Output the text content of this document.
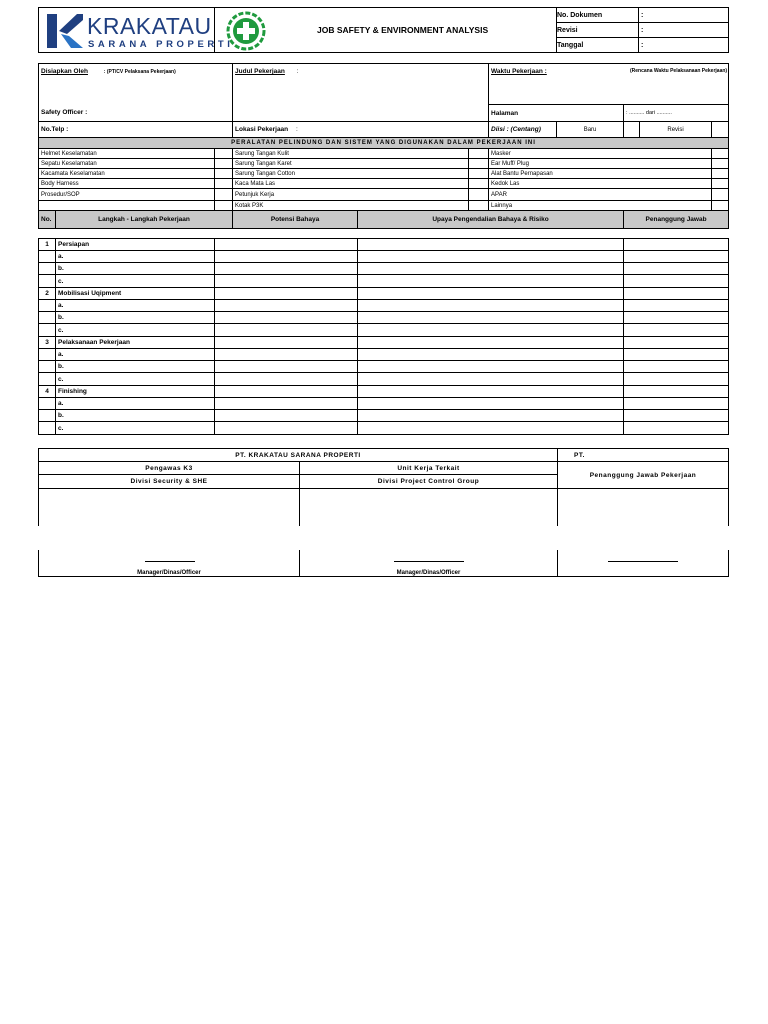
KRAKATAU
SARANA PROPERTI	JOB SAFETY & ENVIRONMENT ANALYSIS	No. Dokumen	:
		Revisi	:
		Tanggal	:
Disiapkan Oleh : (PT/CV Pelaksana Pekerjaan)			Judul Pekerjaan :			Waktu Pekerjaan : (Rencana Waktu Pelaksanaan Pekerjaan)				

Safety Officer :						Halaman		: .......... dari ..........		
No.Telp :			Lokasi Pekerjaan :			Diisi : (Centang)	Baru		Revisi	
PERALATAN PELINDUNG DAN SISTEM YANG DIGUNAKAN DALAM PEKERJAAN INI										
Helmet Keselamatan			Sarung Tangan Kulit			Masker				
Sepatu Keselamatan			Sarung Tangan Karet			Ear Muff/ Plug				
Kacamata Keselamatan			Sarung Tangan Cotton			Alat Bantu Pernapasan				
Body Harness			Kaca Mata Las			Kedok Las				
Prosedur/SOP			Petunjuk Kerja			APAR				
			Kotak P3K			Lainnya				
No.	Langkah - Langkah Pekerjaan		Potensi Bahaya	Upaya Pengendalian Bahaya & Risiko				Penanggung Jawab		
1	Persiapan			
	a.			
	b.			
	c.			
2	Mobilisasi Uqipment			
	a.			
	b.			
	c.			
3	Pelaksanaan Pekerjaan			
	a.			
	b.			
	c.			
4	Finishing			
	a.			
	b.			
	c.			
PT. KRAKATAU SARANA PROPERTI		PT.
Pengawas K3	Unit Kerja Terkait	Penanggung Jawab Pekerjaan
Divisi Security & SHE	Divisi Project Control Group	

Manager/Dinas/Officer	Manager/Dinas/Officer	
